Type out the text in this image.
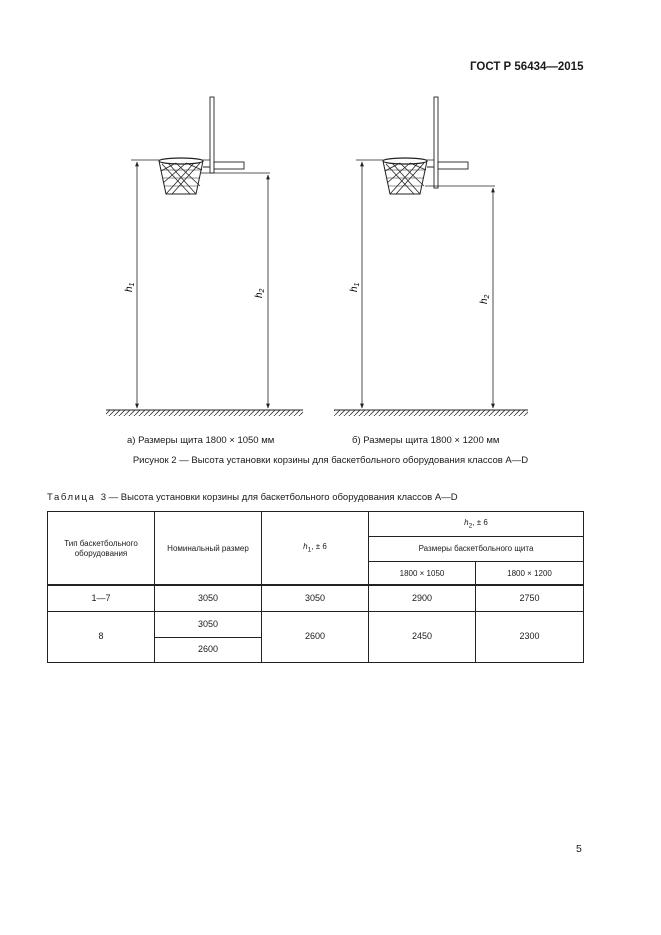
ГОСТ Р 56434—2015
$h_1$
$h_2$	$h_1$
$h_2$
а) Размеры щита 1800 × 1050 мм	б) Размеры щита 1800 × 1200 мм
Рисунок 2 — Высота установки корзины для баскетбольного оборудования классов А—D
Таблица 3 — Высота установки корзины для баскетбольного оборудования классов А—D
Тип баскетбольного оборудования	Номинальный размер	$h_1$, ± 6	$h_2$, ± 6	
			Размеры баскетбольного щита	
			1800 × 1050	1800 × 1200
1—7	3050	3050	2900	2750
8	3050	2600	2450	2300
	2600			
5
